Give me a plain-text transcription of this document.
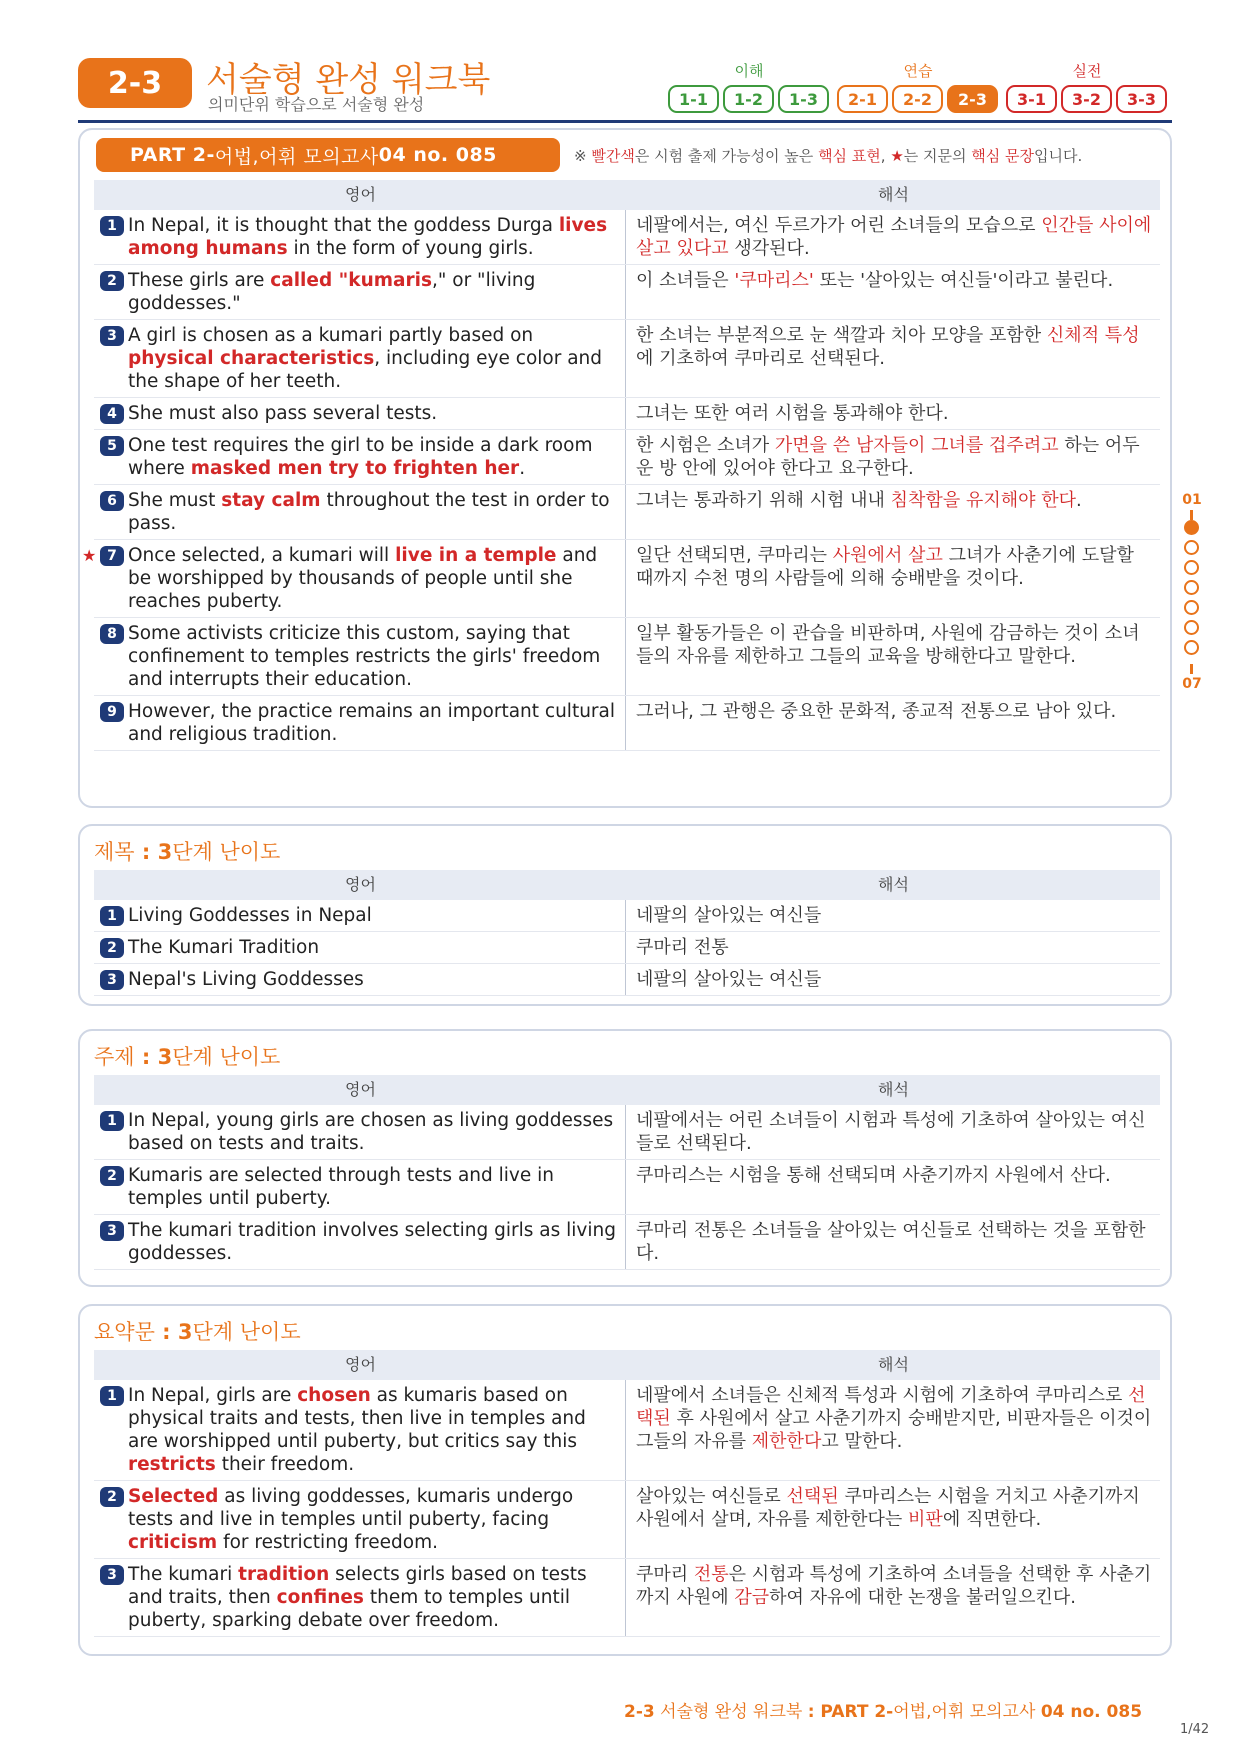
2-3	서술형 완성 워크북
의미단위 학습으로 서술형 완성
이해
1-1	1-2	1-3
연습
2-1	2-2	2-3
실전
3-1	3-2	3-3
PART 2- 어법,어휘 모의고사 04 no. 085	※ 빨간색은 시험 출제 가능성이 높은 핵심 표현, ★는 지문의 핵심 문장입니다.
영어	해석
1 In Nepal, it is thought that the goddess Durga lives among humans in the form of young girls.
네팔에서는, 여신 두르가가 어린 소녀들의 모습으로 인간들 사이에 살고 있다고 생각된다.
2 These girls are called "kumaris," or "living goddesses."
이 소녀들은 '쿠마리스' 또는 '살아있는 여신들'이라고 불린다.
3 A girl is chosen as a kumari partly based on physical characteristics, including eye color and the shape of her teeth.
한 소녀는 부분적으로 눈 색깔과 치아 모양을 포함한 신체적 특성에 기초하여 쿠마리로 선택된다.
4 She must also pass several tests.	그녀는 또한 여러 시험을 통과해야 한다.
5 One test requires the girl to be inside a dark room where masked men try to frighten her.
한 시험은 소녀가 가면을 쓴 남자들이 그녀를 겁주려고 하는 어두운 방 안에 있어야 한다고 요구한다.
6 She must stay calm throughout the test in order to pass.
그녀는 통과하기 위해 시험 내내 침착함을 유지해야 한다.
★ 7 Once selected, a kumari will live in a temple and be worshipped by thousands of people until she reaches puberty.
일단 선택되면, 쿠마리는 사원에서 살고 그녀가 사춘기에 도달할 때까지 수천 명의 사람들에 의해 숭배받을 것이다.
8 Some activists criticize this custom, saying that confinement to temples restricts the girls' freedom and interrupts their education.
일부 활동가들은 이 관습을 비판하며, 사원에 감금하는 것이 소녀들의 자유를 제한하고 그들의 교육을 방해한다고 말한다.
9 However, the practice remains an important cultural and religious tradition.
그러나, 그 관행은 중요한 문화적, 종교적 전통으로 남아 있다.
제목 : 3단계 난이도
영어	해석
1 Living Goddesses in Nepal	네팔의 살아있는 여신들
2 The Kumari Tradition	쿠마리 전통
3 Nepal's Living Goddesses	네팔의 살아있는 여신들
주제 : 3단계 난이도
영어	해석
1 In Nepal, young girls are chosen as living goddesses based on tests and traits.
네팔에서는 어린 소녀들이 시험과 특성에 기초하여 살아있는 여신들로 선택된다.
2 Kumaris are selected through tests and live in temples until puberty.
쿠마리스는 시험을 통해 선택되며 사춘기까지 사원에서 산다.
3 The kumari tradition involves selecting girls as living goddesses.
쿠마리 전통은 소녀들을 살아있는 여신들로 선택하는 것을 포함한다.
요약문 : 3단계 난이도
영어	해석
1 In Nepal, girls are chosen as kumaris based on physical traits and tests, then live in temples and are worshipped until puberty, but critics say this restricts their freedom.
네팔에서 소녀들은 신체적 특성과 시험에 기초하여 쿠마리스로 선택된 후 사원에서 살고 사춘기까지 숭배받지만, 비판자들은 이것이 그들의 자유를 제한한다고 말한다.
2 Selected as living goddesses, kumaris undergo tests and live in temples until puberty, facing criticism for restricting freedom.
살아있는 여신들로 선택된 쿠마리스는 시험을 거치고 사춘기까지 사원에서 살며, 자유를 제한한다는 비판에 직면한다.
3 The kumari tradition selects girls based on tests and traits, then confines them to temples until puberty, sparking debate over freedom.
쿠마리 전통은 시험과 특성에 기초하여 소녀들을 선택한 후 사춘기까지 사원에 감금하여 자유에 대한 논쟁을 불러일으킨다.
01
07
2-3 서술형 완성 워크북 : PART 2-어법,어휘 모의고사 04 no. 085
1/42
